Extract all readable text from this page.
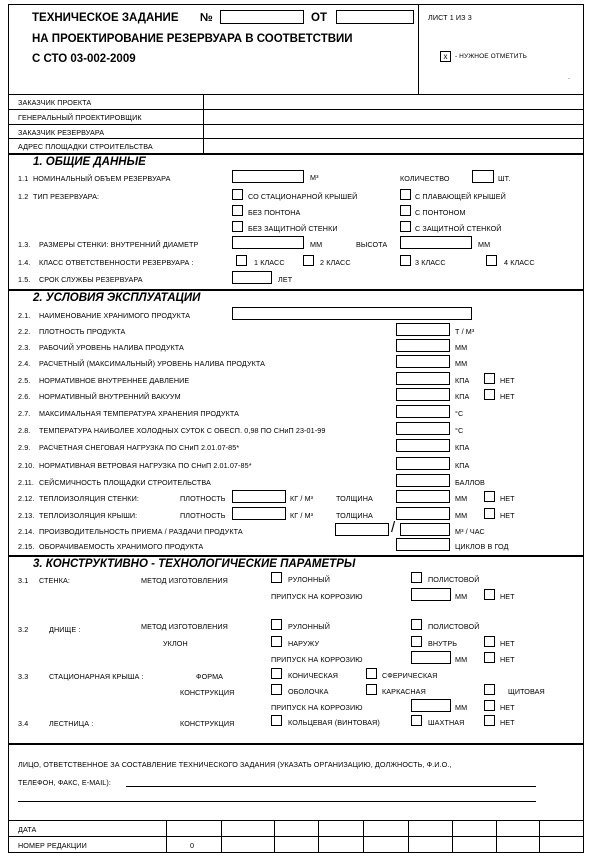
ТЕХНИЧЕСКОЕ ЗАДАНИЕ №	ОТ
НА ПРОЕКТИРОВАНИЕ РЕЗЕРВУАРА В СООТВЕТСТВИИ
С СТО 03-002-2009
ЛИСТ 1 ИЗ 3
x	- НУЖНОЕ ОТМЕТИТЬ
.
ЗАКАЗЧИК ПРОЕКТА
ГЕНЕРАЛЬНЫЙ ПРОЕКТИРОВЩИК
ЗАКАЗЧИК РЕЗЕРВУАРА
АДРЕС ПЛОЩАДКИ СТРОИТЕЛЬСТВА
1. ОБЩИЕ ДАННЫЕ
1.1 НОМИНАЛЬНЫЙ ОБЪЕМ РЕЗЕРВУАРА	М³	КОЛИЧЕСТВО	ШТ.
1.2 ТИП РЕЗЕРВУАРА:	СО СТАЦИОНАРНОЙ КРЫШЕЙ	С ПЛАВАЮЩЕЙ КРЫШЕЙ
БЕЗ ПОНТОНА	С ПОНТОНОМ
БЕЗ ЗАЩИТНОЙ СТЕНКИ	С ЗАЩИТНОЙ СТЕНКОЙ
1.3. РАЗМЕРЫ СТЕНКИ: ВНУТРЕННИЙ ДИАМЕТР	ММ	ВЫСОТА	ММ
1.4. КЛАСС ОТВЕТСТВЕННОСТИ РЕЗЕРВУАРА :	1 КЛАСС	2 КЛАСС	3 КЛАСС	4 КЛАСС
1.5. СРОК СЛУЖБЫ РЕЗЕРВУАРА	ЛЕТ
2. УСЛОВИЯ ЭКСПЛУАТАЦИИ
2.1. НАИМЕНОВАНИЕ ХРАНИМОГО ПРОДУКТА
2.2. ПЛОТНОСТЬ ПРОДУКТА	Т / М³
2.3. РАБОЧИЙ УРОВЕНЬ НАЛИВА ПРОДУКТА	ММ
2.4. РАСЧЕТНЫЙ (МАКСИМАЛЬНЫЙ) УРОВЕНЬ НАЛИВА ПРОДУКТА	ММ
2.5. НОРМАТИВНОЕ ВНУТРЕННЕЕ ДАВЛЕНИЕ	КПА	НЕТ
2.6. НОРМАТИВНЫЙ ВНУТРЕННИЙ ВАКУУМ	КПА	НЕТ
2.7. МАКСИМАЛЬНАЯ ТЕМПЕРАТУРА ХРАНЕНИЯ ПРОДУКТА	°С
2.8. ТЕМПЕРАТУРА НАИБОЛЕЕ ХОЛОДНЫХ СУТОК С ОБЕСП. 0,98 ПО СНиП 23-01-99	°С
2.9. РАСЧЕТНАЯ СНЕГОВАЯ НАГРУЗКА ПО СНиП 2.01.07-85*	КПА
2.10. НОРМАТИВНАЯ ВЕТРОВАЯ НАГРУЗКА ПО СНиП 2.01.07-85*	КПА
2.11. СЕЙСМИЧНОСТЬ ПЛОЩАДКИ СТРОИТЕЛЬСТВА	БАЛЛОВ
2.12. ТЕПЛОИЗОЛЯЦИЯ СТЕНКИ:	ПЛОТНОСТЬ	КГ / М³	ТОЛЩИНА	ММ	НЕТ
2.13. ТЕПЛОИЗОЛЯЦИЯ КРЫШИ:	ПЛОТНОСТЬ	КГ / М³	ТОЛЩИНА	ММ	НЕТ
2.14. ПРОИЗВОДИТЕЛЬНОСТЬ ПРИЕМА / РАЗДАЧИ ПРОДУКТА	/	М³ / ЧАС
2.15. ОБОРАЧИВАЕМОСТЬ ХРАНИМОГО ПРОДУКТА	ЦИКЛОВ В ГОД
3. КОНСТРУКТИВНО - ТЕХНОЛОГИЧЕСКИЕ ПАРАМЕТРЫ
3.1 СТЕНКА:	МЕТОД ИЗГОТОВЛЕНИЯ	РУЛОННЫЙ	ПОЛИСТОВОЙ
ПРИПУСК НА КОРРОЗИЮ	ММ	НЕТ
3.2	ДНИЩЕ :	МЕТОД ИЗГОТОВЛЕНИЯ	РУЛОННЫЙ	ПОЛИСТОВОЙ
УКЛОН	НАРУЖУ	ВНУТРЬ	НЕТ
ПРИПУСК НА КОРРОЗИЮ	ММ	НЕТ
3.3	СТАЦИОНАРНАЯ КРЫША :	ФОРМА	КОНИЧЕСКАЯ	СФЕРИЧЕСКАЯ
КОНСТРУКЦИЯ	ОБОЛОЧКА	КАРКАСНАЯ	ЩИТОВАЯ
ПРИПУСК НА КОРРОЗИЮ	ММ	НЕТ
3.4	ЛЕСТНИЦА :	КОНСТРУКЦИЯ	КОЛЬЦЕВАЯ (ВИНТОВАЯ)	ШАХТНАЯ	НЕТ
ЛИЦО, ОТВЕТСТВЕННОЕ ЗА СОСТАВЛЕНИЕ ТЕХНИЧЕСКОГО ЗАДАНИЯ (УКАЗАТЬ ОРГАНИЗАЦИЮ, ДОЛЖНОСТЬ, Ф.И.О.,
ТЕЛЕФОН, ФАКС, E-MAIL):
ДАТА
НОМЕР РЕДАКЦИИ	0
